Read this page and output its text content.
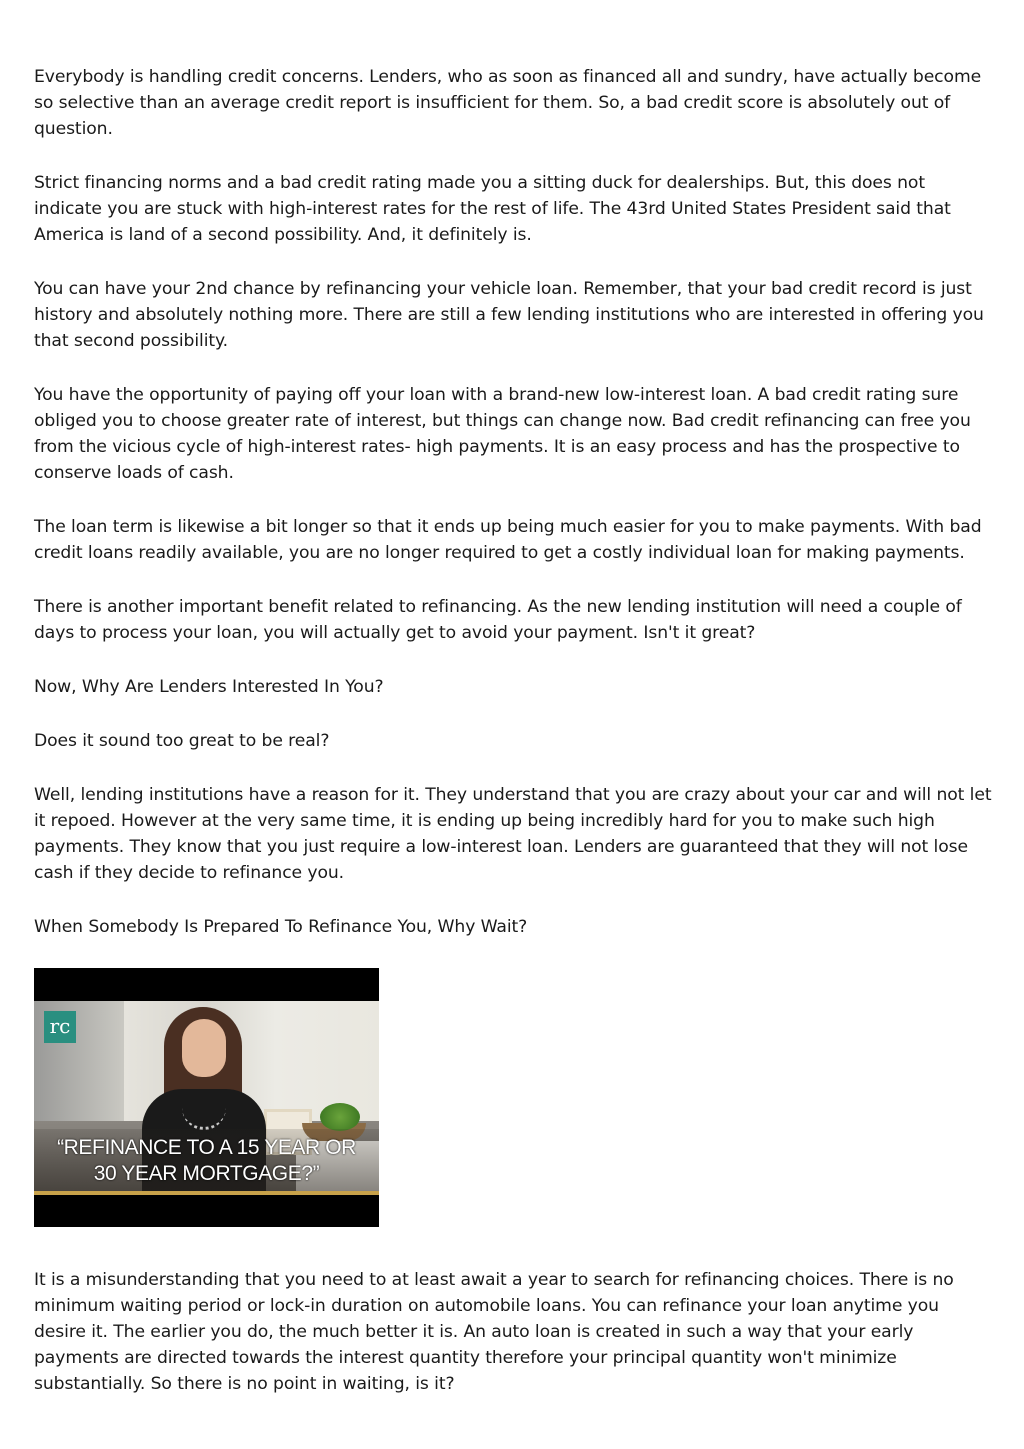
Everybody is handling credit concerns. Lenders, who as soon as financed all and sundry, have actually become so selective than an average credit report is insufficient for them. So, a bad credit score is absolutely out of question.

Strict financing norms and a bad credit rating made you a sitting duck for dealerships. But, this does not indicate you are stuck with high-interest rates for the rest of life. The 43rd United States President said that America is land of a second possibility. And, it definitely is.

You can have your 2nd chance by refinancing your vehicle loan. Remember, that your bad credit record is just history and absolutely nothing more. There are still a few lending institutions who are interested in offering you that second possibility.

You have the opportunity of paying off your loan with a brand-new low-interest loan. A bad credit rating sure obliged you to choose greater rate of interest, but things can change now. Bad credit refinancing can free you from the vicious cycle of high-interest rates- high payments. It is an easy process and has the prospective to conserve loads of cash.

The loan term is likewise a bit longer so that it ends up being much easier for you to make payments. With bad credit loans readily available, you are no longer required to get a costly individual loan for making payments.

There is another important benefit related to refinancing. As the new lending institution will need a couple of days to process your loan, you will actually get to avoid your payment. Isn't it great?

Now, Why Are Lenders Interested In You?

Does it sound too great to be real?

Well, lending institutions have a reason for it. They understand that you are crazy about your car and will not let it repoed. However at the very same time, it is ending up being incredibly hard for you to make such high payments. They know that you just require a low-interest loan. Lenders are guaranteed that they will not lose cash if they decide to refinance you.

When Somebody Is Prepared To Refinance You, Why Wait?

rc
“REFINANCE TO A 15 YEAR OR
30 YEAR MORTGAGE?”

It is a misunderstanding that you need to at least await a year to search for refinancing choices. There is no minimum waiting period or lock-in duration on automobile loans. You can refinance your loan anytime you desire it. The earlier you do, the much better it is. An auto loan is created in such a way that your early payments are directed towards the interest quantity therefore your principal quantity won't minimize substantially. So there is no point in waiting, is it?
